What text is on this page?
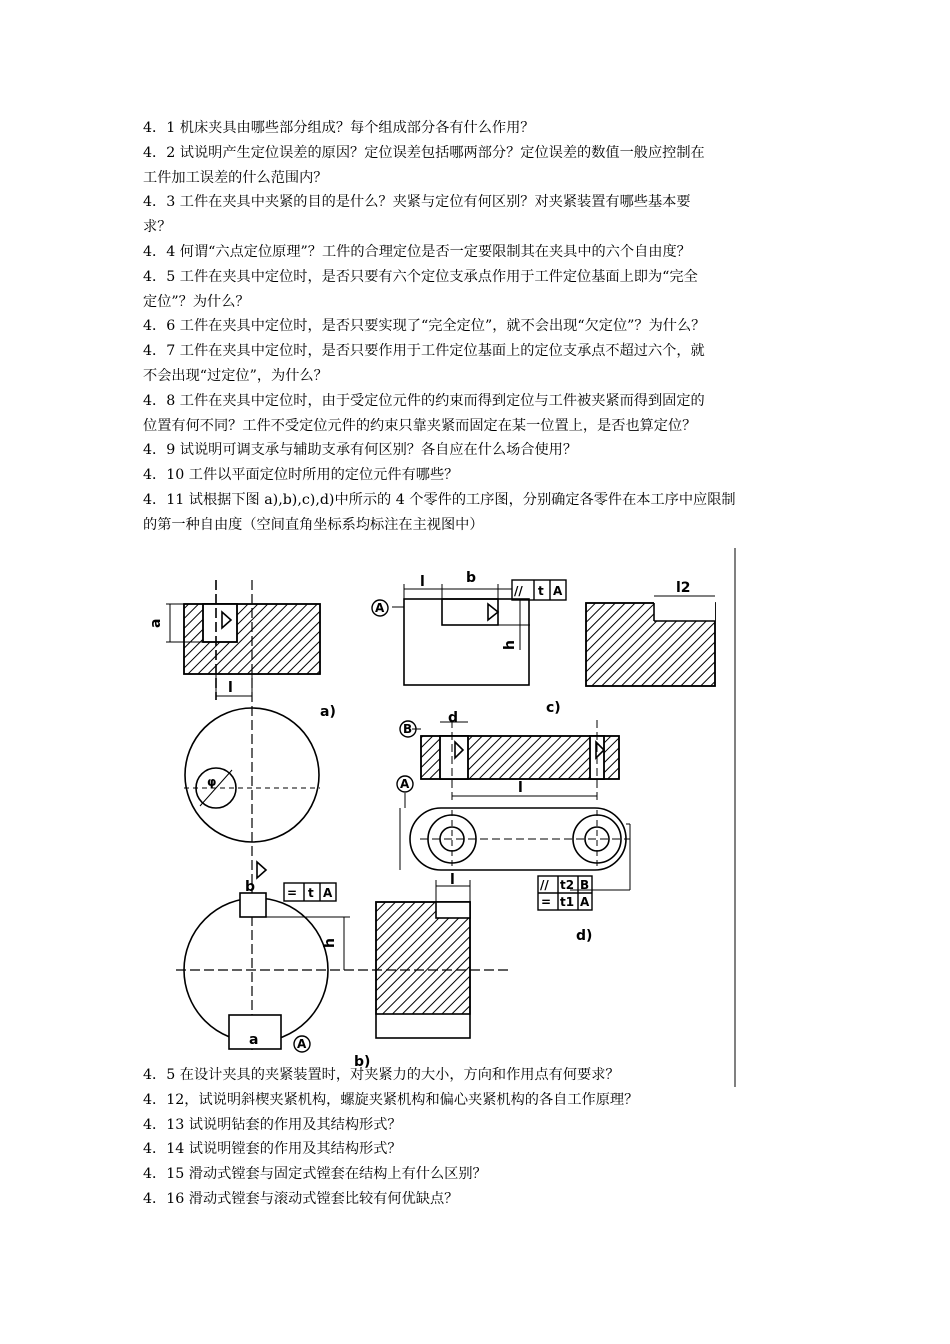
4．1 机床夹具由哪些部分组成？每个组成部分各有什么作用？

4．2 试说明产生定位误差的原因？定位误差包括哪两部分？定位误差的数值一般应控制在

工件加工误差的什么范围内？

4．3 工件在夹具中夹紧的目的是什么？夹紧与定位有何区别？对夹紧装置有哪些基本要

求？

4．4 何谓“六点定位原理”？工件的合理定位是否一定要限制其在夹具中的六个自由度？

4．5 工件在夹具中定位时，是否只要有六个定位支承点作用于工件定位基面上即为“完全

定位”？为什么？

4．6 工件在夹具中定位时，是否只要实现了“完全定位”，就不会出现“欠定位”？为什么？

4．7 工件在夹具中定位时，是否只要作用于工件定位基面上的定位支承点不超过六个，就

不会出现“过定位”，为什么？

4．8 工件在夹具中定位时，由于受定位元件的约束而得到定位与工件被夹紧而得到固定的

位置有何不同？工件不受定位元件的约束只靠夹紧而固定在某一位置上，是否也算定位？

4．9 试说明可调支承与辅助支承有何区别？各自应在什么场合使用？

4．10 工件以平面定位时所用的定位元件有哪些？

4．11 试根据下图 a),b),c),d)中所示的 4 个零件的工序图，分别确定各零件在本工序中应限制

的第一种自由度（空间直角坐标系均标注在主视图中）

a
l
a)
φ
b
h
a
= t A
A
l
b)
l	b
h
l2
// t A
A
c)
d
l
B
A
// t2 B
= t1 A
d)

4．5 在设计夹具的夹紧装置时，对夹紧力的大小，方向和作用点有何要求？

4．12，试说明斜楔夹紧机构，螺旋夹紧机构和偏心夹紧机构的各自工作原理？

4．13 试说明钻套的作用及其结构形式？

4．14 试说明镗套的作用及其结构形式？

4．15 滑动式镗套与固定式镗套在结构上有什么区别？

4．16 滑动式镗套与滚动式镗套比较有何优缺点？
